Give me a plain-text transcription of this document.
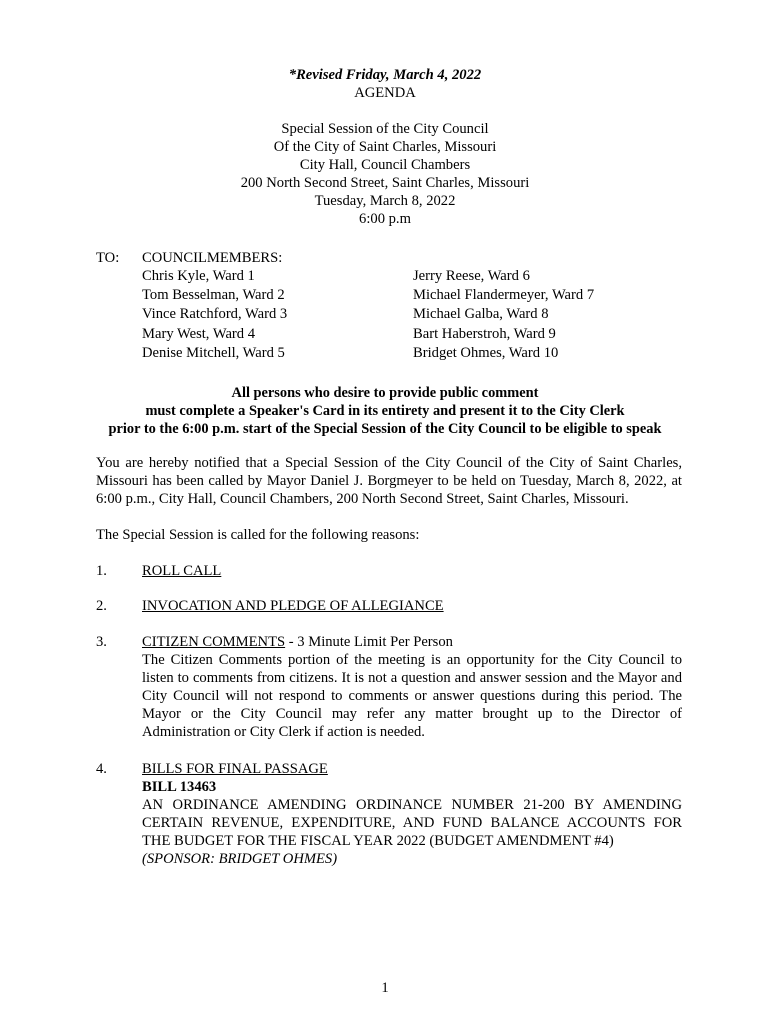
*Revised Friday, March 4, 2022
AGENDA
Special Session of the City Council
Of the City of Saint Charles, Missouri
City Hall, Council Chambers
200 North Second Street, Saint Charles, Missouri
Tuesday, March 8, 2022
6:00 p.m
TO: COUNCILMEMBERS:
Chris Kyle, Ward 1
Tom Besselman, Ward 2
Vince Ratchford, Ward 3
Mary West, Ward 4
Denise Mitchell, Ward 5
Jerry Reese, Ward 6
Michael Flandermeyer, Ward 7
Michael Galba, Ward 8
Bart Haberstroh, Ward 9
Bridget Ohmes, Ward 10
All persons who desire to provide public comment
must complete a Speaker's Card in its entirety and present it to the City Clerk
prior to the 6:00 p.m. start of the Special Session of the City Council to be eligible to speak
You are hereby notified that a Special Session of the City Council of the City of Saint Charles, Missouri has been called by Mayor Daniel J. Borgmeyer to be held on Tuesday, March 8, 2022, at 6:00 p.m., City Hall, Council Chambers, 200 North Second Street, Saint Charles, Missouri.
The Special Session is called for the following reasons:
1. ROLL CALL
2. INVOCATION AND PLEDGE OF ALLEGIANCE
3. CITIZEN COMMENTS - 3 Minute Limit Per Person
The Citizen Comments portion of the meeting is an opportunity for the City Council to listen to comments from citizens. It is not a question and answer session and the Mayor and City Council will not respond to comments or answer questions during this period. The Mayor or the City Council may refer any matter brought up to the Director of Administration or City Clerk if action is needed.
4. BILLS FOR FINAL PASSAGE
BILL 13463
AN ORDINANCE AMENDING ORDINANCE NUMBER 21-200 BY AMENDING CERTAIN REVENUE, EXPENDITURE, AND FUND BALANCE ACCOUNTS FOR THE BUDGET FOR THE FISCAL YEAR 2022 (BUDGET AMENDMENT #4)
(SPONSOR: BRIDGET OHMES)
1
